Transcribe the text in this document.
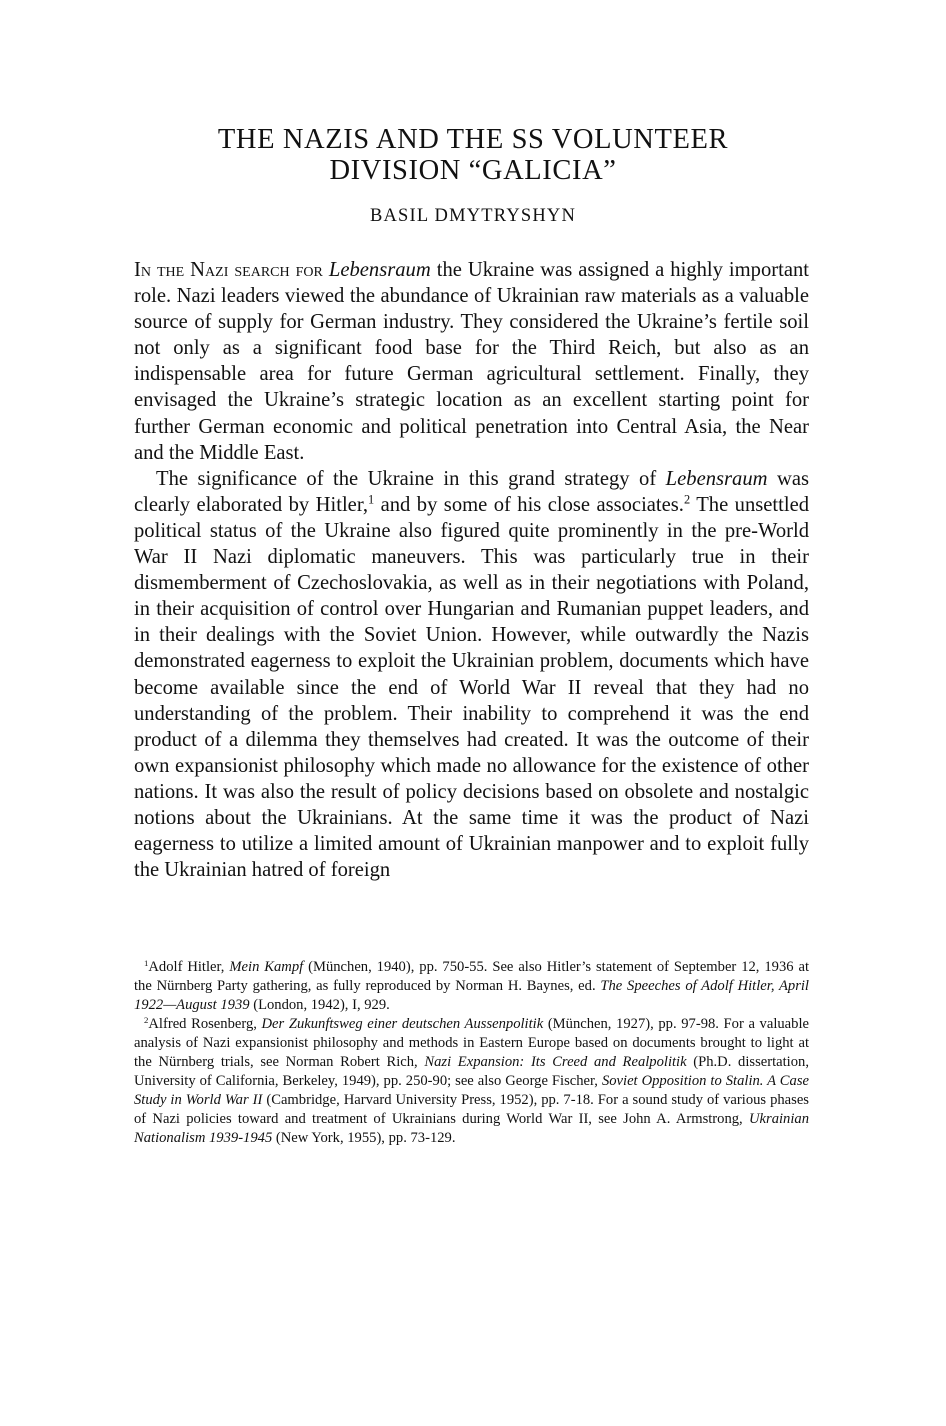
THE NAZIS AND THE SS VOLUNTEER
DIVISION “GALICIA”
BASIL DMYTRYSHYN

In the Nazi search for Lebensraum the Ukraine was assigned a highly important role. Nazi leaders viewed the abundance of Ukrainian raw materials as a valuable source of supply for German industry. They considered the Ukraine’s fertile soil not only as a significant food base for the Third Reich, but also as an indispensable area for future German agricultural settlement. Finally, they envisaged the Ukraine’s strategic location as an excellent starting point for further German economic and political penetration into Central Asia, the Near and the Middle East.

The significance of the Ukraine in this grand strategy of Lebensraum was clearly elaborated by Hitler,$^1$ and by some of his close associates.$^2$ The unsettled political status of the Ukraine also figured quite prominently in the pre-World War II Nazi diplomatic maneuvers. This was particularly true in their dismemberment of Czechoslovakia, as well as in their negotiations with Poland, in their acquisition of control over Hungarian and Rumanian puppet leaders, and in their dealings with the Soviet Union. However, while outwardly the Nazis demonstrated eagerness to exploit the Ukrainian problem, documents which have become available since the end of World War II reveal that they had no understanding of the problem. Their inability to comprehend it was the end product of a dilemma they themselves had created. It was the outcome of their own expansionist philosophy which made no allowance for the existence of other nations. It was also the result of policy decisions based on obsolete and nostalgic notions about the Ukrainians. At the same time it was the product of Nazi eagerness to utilize a limited amount of Ukrainian manpower and to exploit fully the Ukrainian hatred of foreign

$^1$Adolf Hitler, Mein Kampf (München, 1940), pp. 750-55. See also Hitler’s statement of September 12, 1936 at the Nürnberg Party gathering, as fully reproduced by Norman H. Baynes, ed. The Speeches of Adolf Hitler, April 1922—August 1939 (London, 1942), I, 929.

$^2$Alfred Rosenberg, Der Zukunftsweg einer deutschen Aussenpolitik (München, 1927), pp. 97-98. For a valuable analysis of Nazi expansionist philosophy and methods in Eastern Europe based on documents brought to light at the Nürnberg trials, see Norman Robert Rich, Nazi Expansion: Its Creed and Realpolitik (Ph.D. dissertation, University of California, Berkeley, 1949), pp. 250-90; see also George Fischer, Soviet Opposition to Stalin. A Case Study in World War II (Cambridge, Harvard University Press, 1952), pp. 7-18. For a sound study of various phases of Nazi policies toward and treatment of Ukrainians during World War II, see John A. Armstrong, Ukrainian Nationalism 1939-1945 (New York, 1955), pp. 73-129.
